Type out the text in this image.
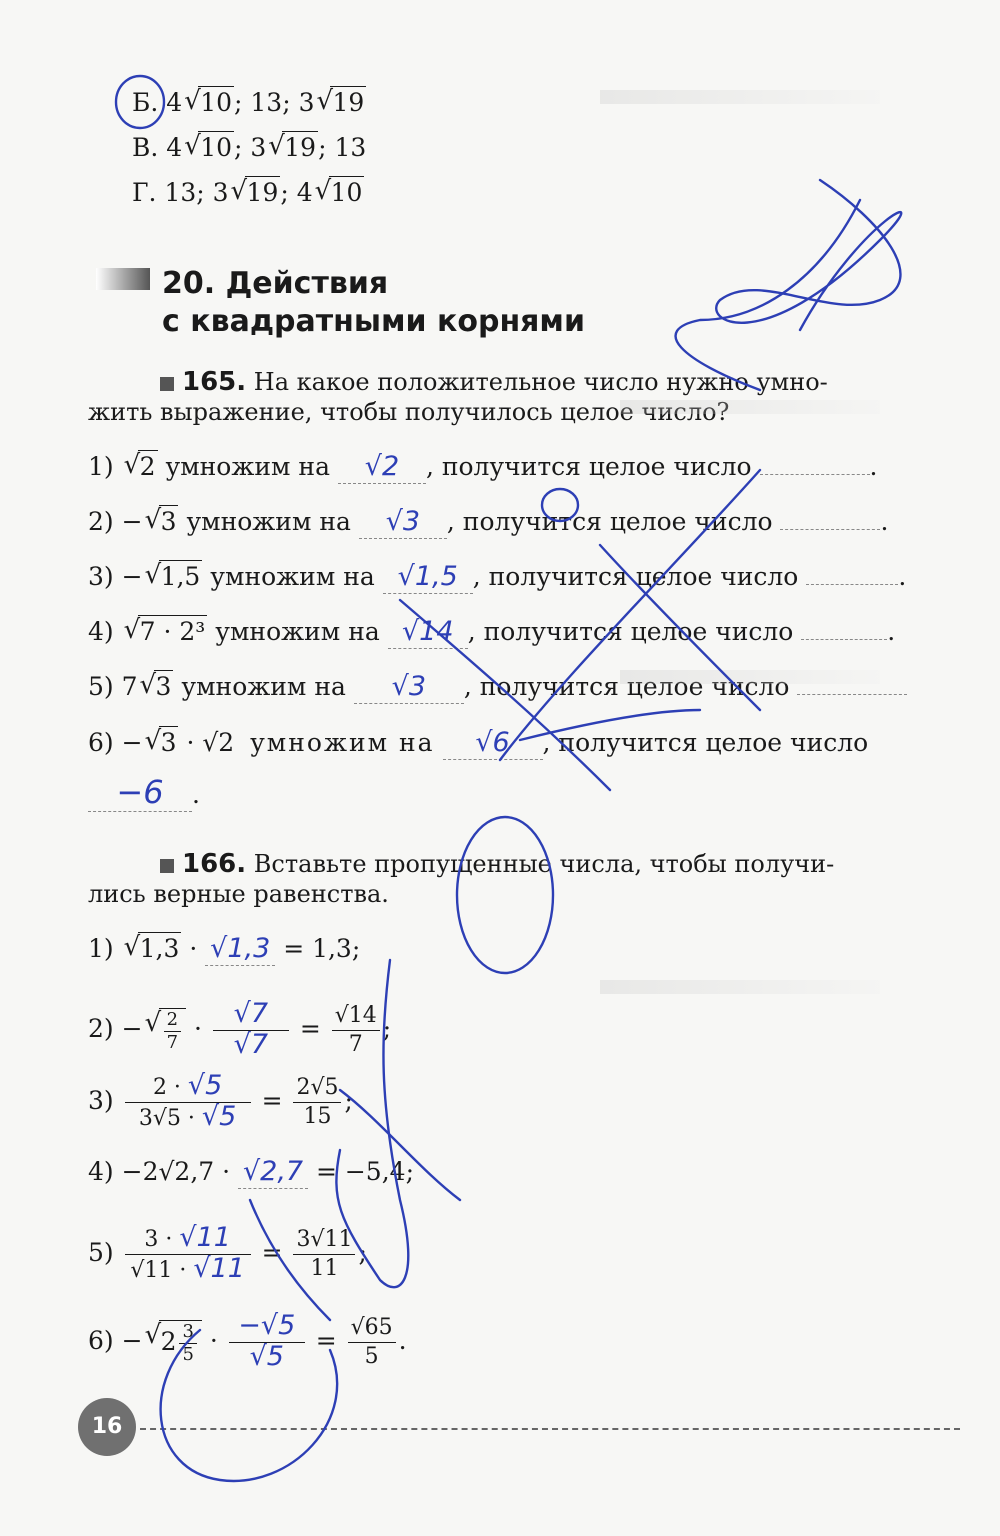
Б. 4 √ 10; 13; 3 √ 19
В. 4 √ 10; 3 √ 19; 13
Г. 13; 3 √ 19; 4 √ 10
20. Действия
с квадратными корнями
165. На какое положительное число нужно умно-
жить выражение, чтобы получилось целое число?
1) √ 2 умножим на √2 , получится целое число	.
2) − √ 3 умножим на √3 , получится целое число	.
3) − √ 1,5 умножим на √1,5 , получится целое число	.
4) √ 7 · 2³ умножим на √14 , получится целое число	.
5) 7 √ 3 умножим на √3 , получится целое число
6) − √ 3 · √2 умножим на √6 , получится целое число
−6 .
166. Вставьте пропущенные числа, чтобы получи-
лись верные равенства.
1) √ 1,3 · √1,3 = 1,3;
2) − √ $\frac{2}{7} \cdot \frac{√7}{√7} = \frac{√14}{7}$ ;
$3) \frac{2 \cdot √5}{3√5 \cdot √5} = \frac{2√5}{15}$ ;
4) −2√2,7 · √2,7 = −5,4;
$5) \frac{3 \cdot √11}{√11 \cdot √11} = \frac{3√11}{11}$ ;
6) − √ $2 \frac{3}{5} \cdot \frac{-√5}{√5} = \frac{√65}{5}$ .
16
